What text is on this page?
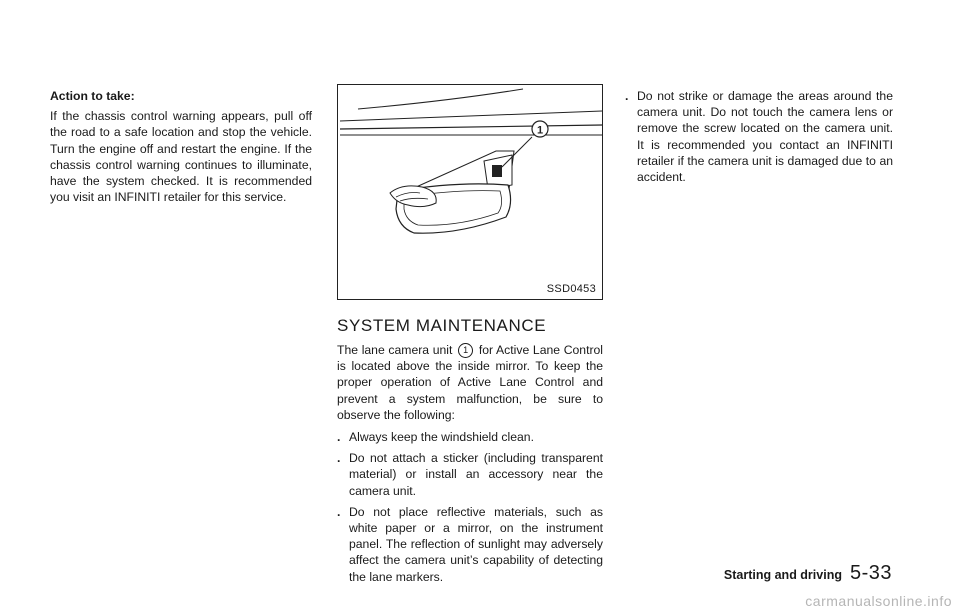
Action to take:

If the chassis control warning appears, pull off the road to a safe location and stop the vehicle. Turn the engine off and restart the engine. If the chassis control warning continues to illuminate, have the system checked. It is recommended you visit an INFINITI retailer for this service.

1
SSD0453
SYSTEM MAINTENANCE

The lane camera unit 1 for Active Lane Control is located above the inside mirror. To keep the proper operation of Active Lane Control and prevent a system malfunction, be sure to observe the following:

. Always keep the windshield clean.
. Do not attach a sticker (including transparent material) or install an accessory near the camera unit.
. Do not place reflective materials, such as white paper or a mirror, on the instrument panel. The reflection of sunlight may adversely affect the camera unit’s capability of detecting the lane markers.
. Do not strike or damage the areas around the camera unit. Do not touch the camera lens or remove the screw located on the camera unit. It is recommended you contact an INFINITI retailer if the camera unit is damaged due to an accident.
Starting and driving 5-33
carmanualsonline.info
